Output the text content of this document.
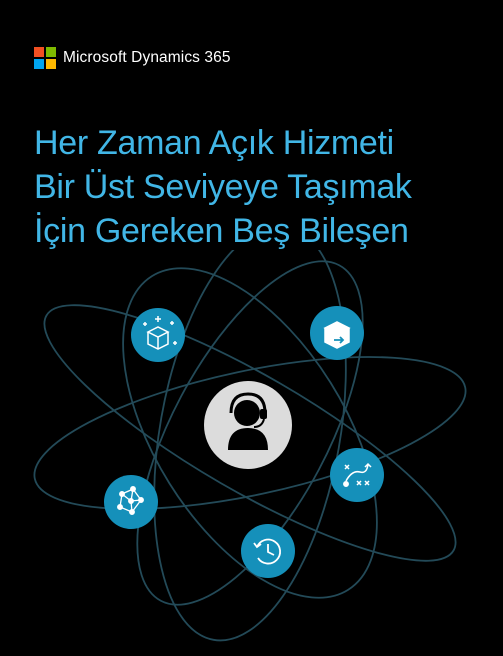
Microsoft Dynamics 365
Her Zaman Açık Hizmeti
Bir Üst Seviyeye Taşımak
İçin Gereken Beş Bileşen
